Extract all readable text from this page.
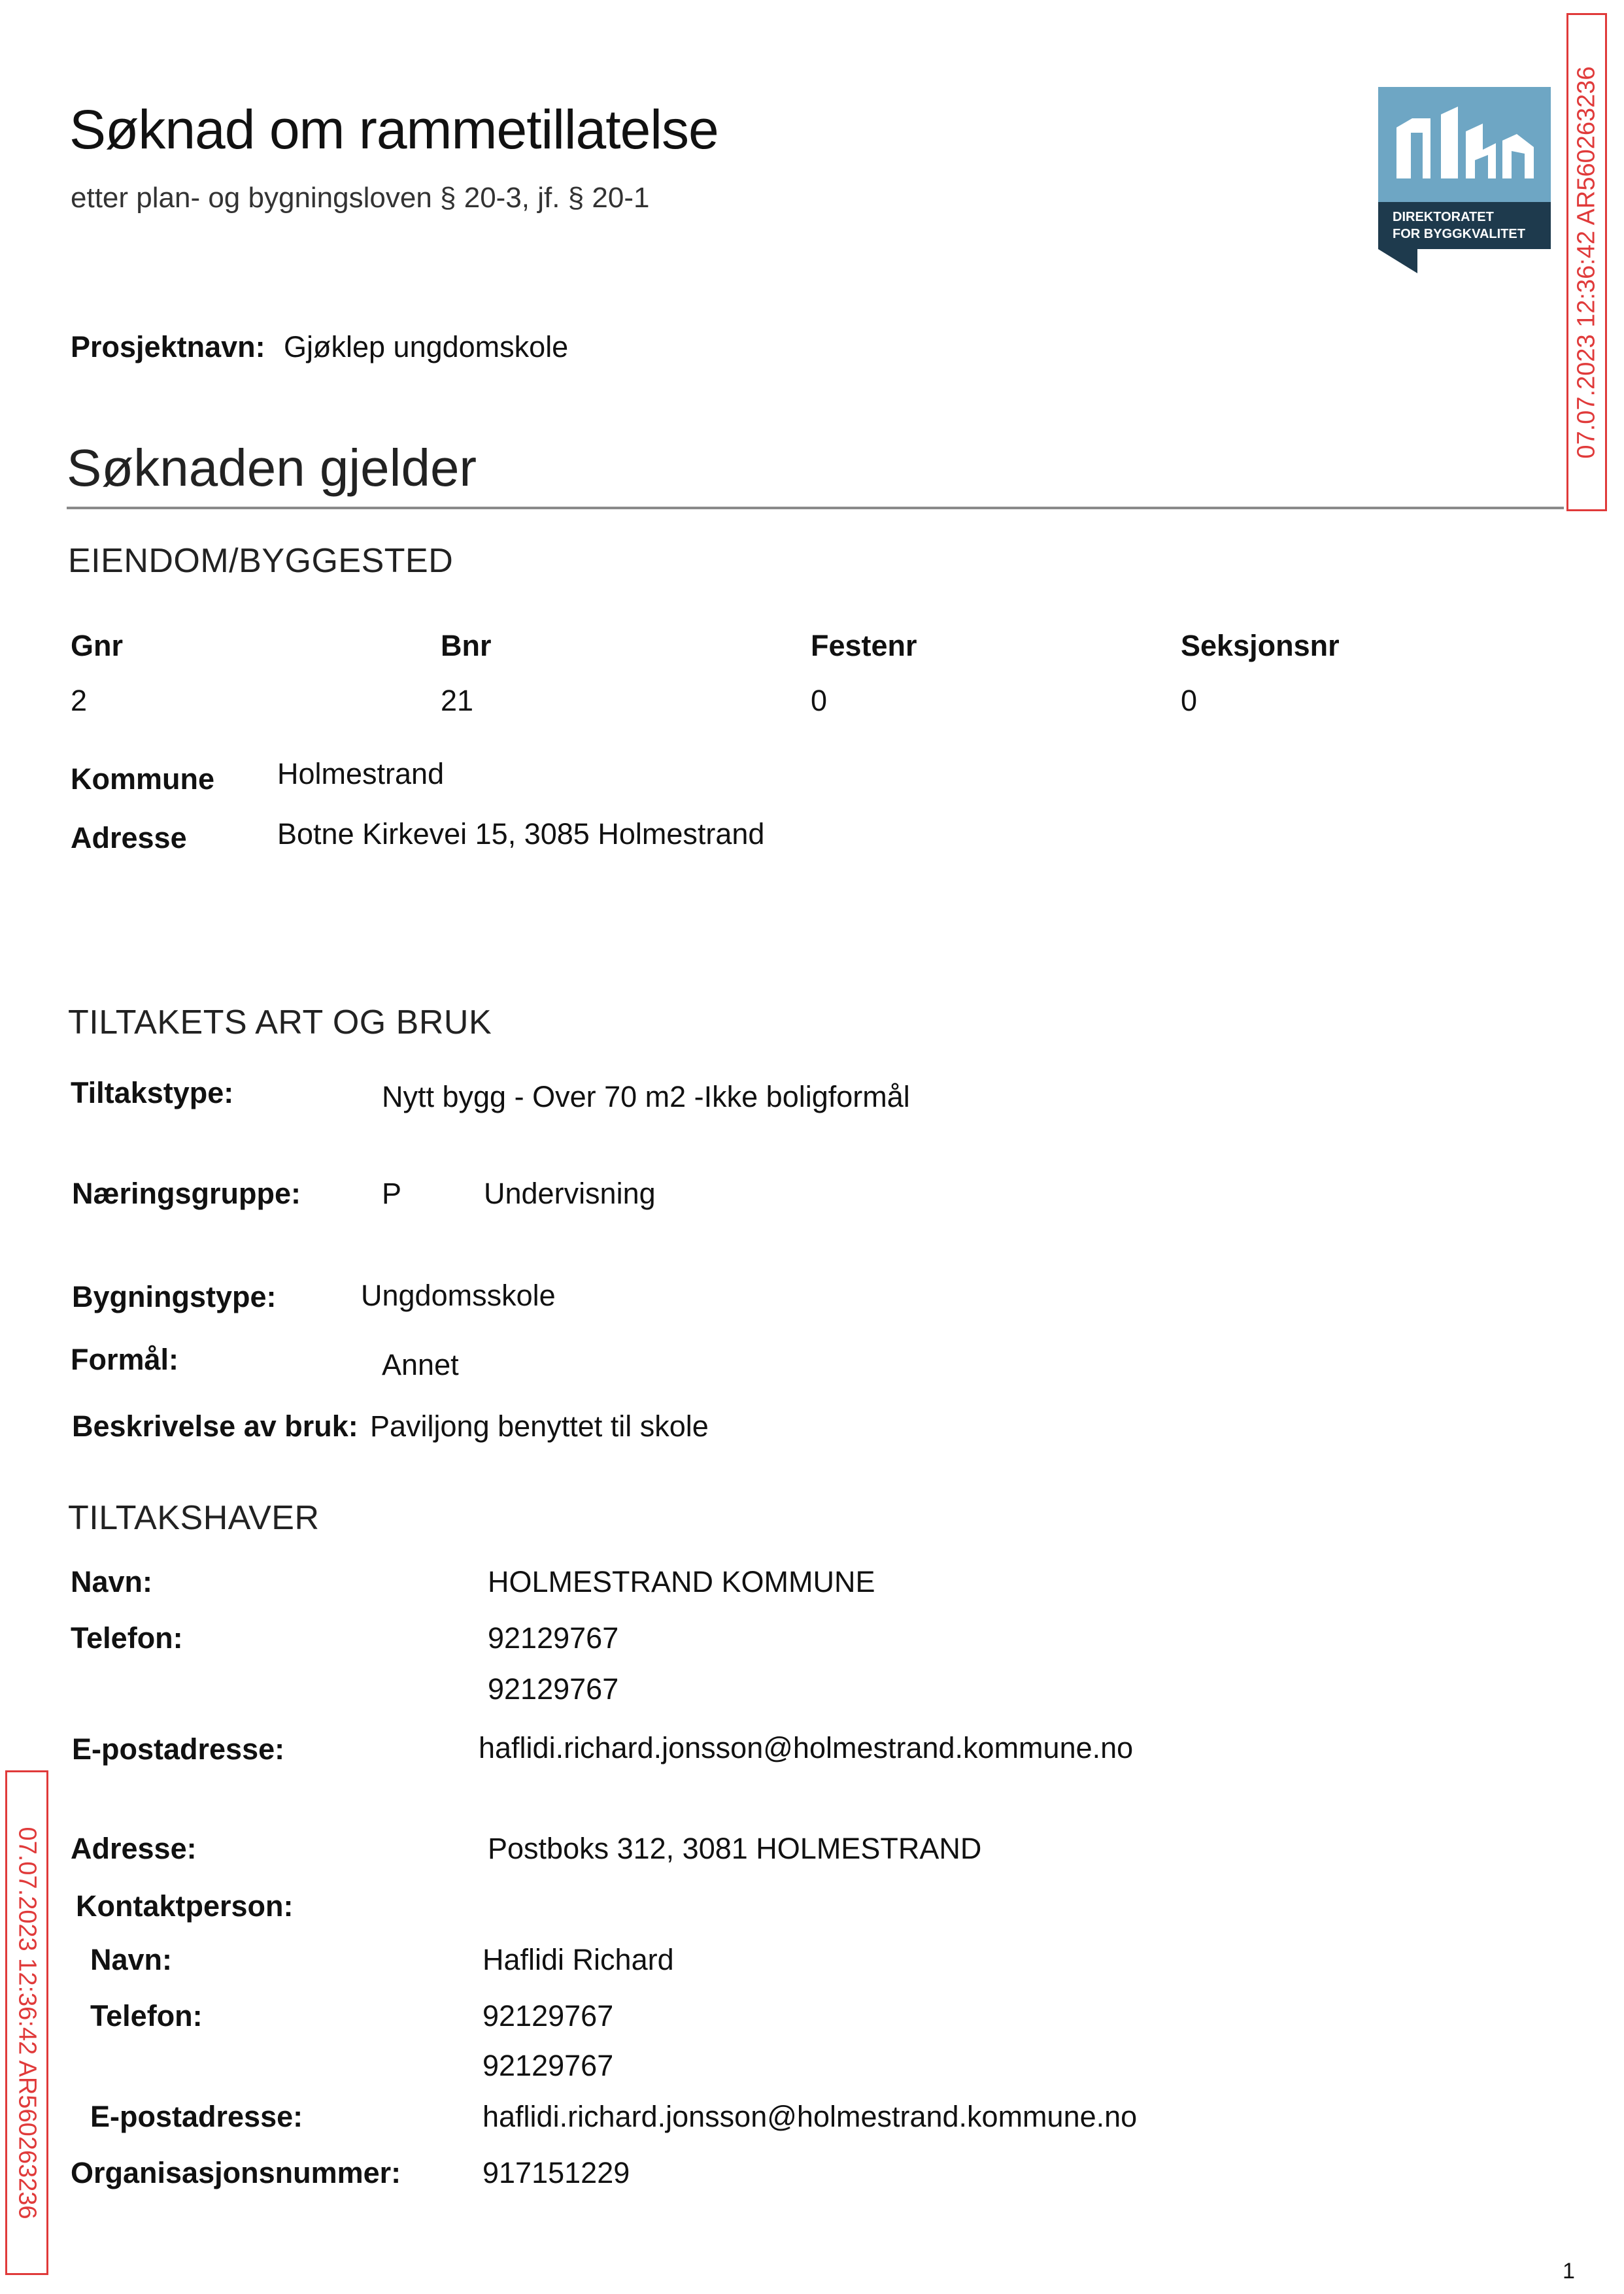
Søknad om rammetillatelse
etter plan- og bygningsloven § 20-3, jf. § 20-1
Prosjektnavn: Gjøklep ungdomskole
DIREKTORATET
FOR BYGGKVALITET 07.07.2023 12:36:42 AR560263236
07.07.2023 12:36:42 AR560263236
Søknaden gjelder
EIENDOM/BYGGESTED
Gnr	Bnr	Festenr	Seksjonsnr
2	21	0	0
Kommune Holmestrand
Adresse	Botne Kirkevei 15, 3085 Holmestrand
TILTAKETS ART OG BRUK
Tiltakstype:	Nytt bygg - Over 70 m2 -Ikke boligformål
Næringsgruppe:	P	Undervisning
Bygningstype:	Ungdomsskole
Formål:	Annet
Beskrivelse av bruk: Paviljong benyttet til skole
TILTAKSHAVER
Navn:	HOLMESTRAND KOMMUNE
Telefon:	92129767
92129767
E-postadresse:	haflidi.richard.jonsson@holmestrand.kommune.no
Adresse:	Postboks 312, 3081 HOLMESTRAND
Kontaktperson:
Navn:	Haflidi Richard
Telefon:	92129767
92129767
E-postadresse:	haflidi.richard.jonsson@holmestrand.kommune.no
Organisasjonsnummer:	917151229
1
